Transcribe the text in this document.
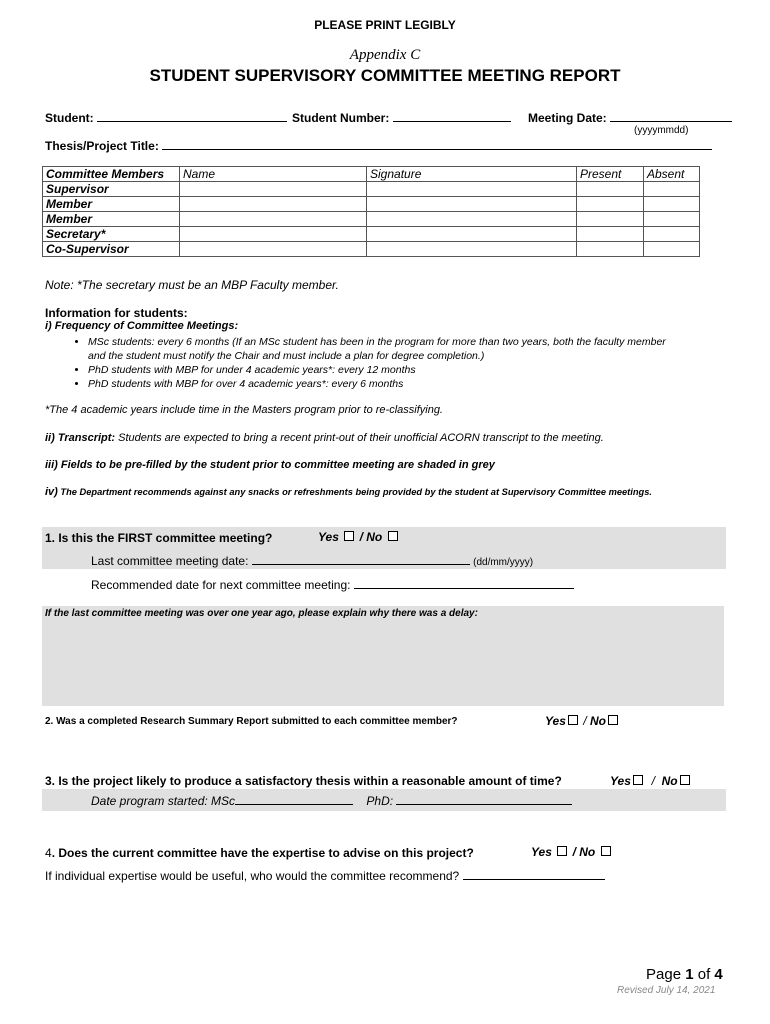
PLEASE PRINT LEGIBLY
Appendix C
STUDENT SUPERVISORY COMMITTEE MEETING REPORT
Student:	Student Number:	Meeting Date:
(yyyymmdd)
Thesis/Project Title:
Committee Members	Name	Signature	Present	Absent
Supervisor				
Member				
Member				
Secretary*				
Co-Supervisor				
Note: *The secretary must be an MBP Faculty member.
Information for students:
i) Frequency of Committee Meetings:
• MSc students: every 6 months (If an MSc student has been in the program for more than two years, both the faculty member
and the student must notify the Chair and must include a plan for degree completion.)
• PhD students with MBP for under 4 academic years*: every 12 months
• PhD students with MBP for over 4 academic years*: every 6 months
*The 4 academic years include time in the Masters program prior to re-classifying.
ii) Transcript: Students are expected to bring a recent print-out of their unofficial ACORN transcript to the meeting.
iii) Fields to be pre-filled by the student prior to committee meeting are shaded in grey
iv) The Department recommends against any snacks or refreshments being provided by the student at Supervisory Committee meetings.
1. Is this the FIRST committee meeting?	Yes / No
Last committee meeting date:	(dd/mm/yyyy)
Recommended date for next committee meeting:
If the last committee meeting was over one year ago, please explain why there was a delay:
2. Was a completed Research Summary Report submitted to each committee member?	Yes / No
3. Is the project likely to produce a satisfactory thesis within a reasonable amount of time?	Yes / No
Date program started: MSc	PhD:
4. Does the current committee have the expertise to advise on this project?	Yes / No
If individual expertise would be useful, who would the committee recommend?
Page 1 of 4
Revised July 14, 2021
